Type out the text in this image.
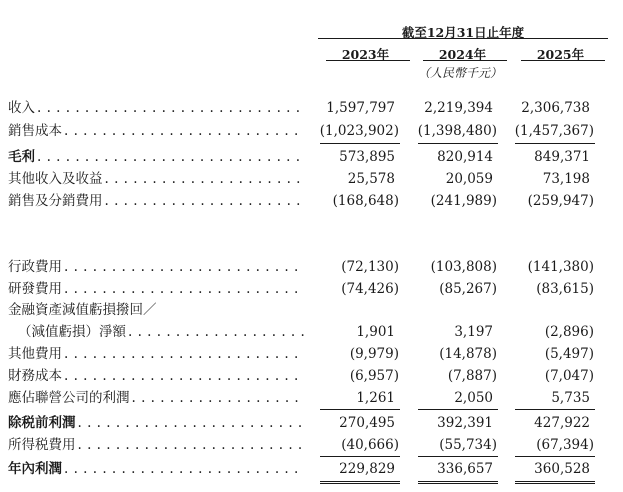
截至12月31日止年度
2023年	2024年	2025年
（人民幣千元）
收入 . . .	1,597,797	2,219,394	2,306,738
銷售成本 . . .	(1,023,902)	(1,398,480)	(1,457,367)
毛利 . . .	573,895	820,914	849,371
其他收入及收益 . . .	25,578	20,059	73,198
銷售及分銷費用 . . .	(168,648)	(241,989)	(259,947)
行政費用 . . .	(72,130)	(103,808)	(141,380)
研發費用 . . .	(74,426)	(85,267)	(83,615)
金融資產減值虧損撥回／
（減值虧損）淨額 . . .	1,901	3,197	(2,896)
其他費用 . . .	(9,979)	(14,878)	(5,497)
財務成本 . . .	(6,957)	(7,887)	(7,047)
應佔聯營公司的利潤 . . .	1,261	2,050	5,735
除税前利潤 . . .	270,495	392,391	427,922
所得税費用 . . .	(40,666)	(55,734)	(67,394)
年內利潤 . . .	229,829	336,657	360,528
